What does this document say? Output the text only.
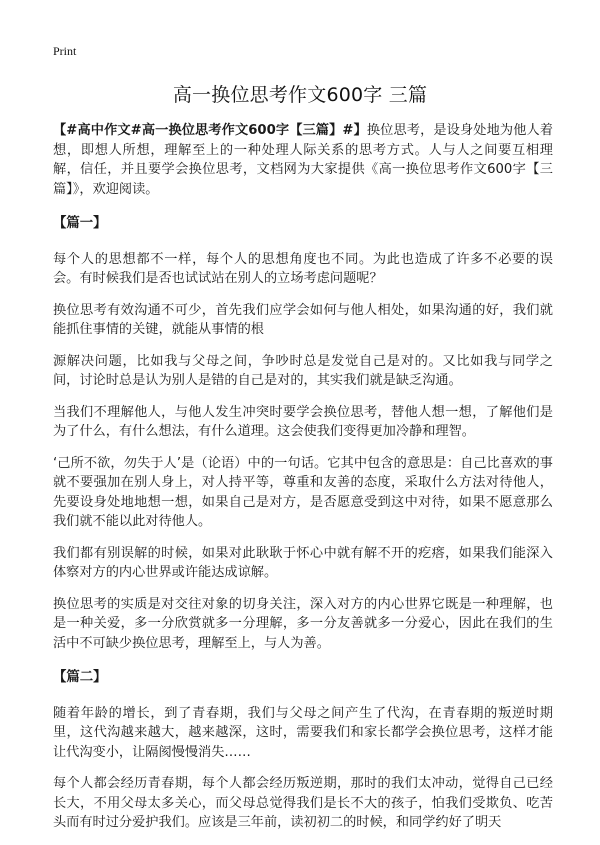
Print
高一换位思考作文600字 三篇

【#高中作文#高一换位思考作文600字【三篇】#】换位思考，是设身处地为他人着想，即想人所想，理解至上的一种处理人际关系的思考方式。人与人之间要互相理解，信任，并且要学会换位思考，文档网为大家提供《高一换位思考作文600字【三篇】》，欢迎阅读。

【篇一】

每个人的思想都不一样，每个人的思想角度也不同。为此也造成了许多不必要的误会。有时候我们是否也试试站在别人的立场考虑问题呢？

换位思考有效沟通不可少，首先我们应学会如何与他人相处，如果沟通的好，我们就能抓住事情的关键，就能从事情的根

源解决问题，比如我与父母之间，争吵时总是发觉自己是对的。又比如我与同学之间，讨论时总是认为别人是错的自己是对的，其实我们就是缺乏沟通。

当我们不理解他人，与他人发生冲突时要学会换位思考，替他人想一想，了解他们是为了什么，有什么想法，有什么道理。这会使我们变得更加冷静和理智。

‘己所不欲，勿失于人’是（论语）中的一句话。它其中包含的意思是：自己比喜欢的事就不要强加在别人身上，对人持平等，尊重和友善的态度，采取什么方法对待他人，先要设身处地地想一想，如果自己是对方，是否愿意受到这中对待，如果不愿意那么我们就不能以此对待他人。

我们都有别误解的时候，如果对此耿耿于怀心中就有解不开的疙瘩，如果我们能深入体察对方的内心世界或许能达成谅解。

换位思考的实质是对交往对象的切身关注，深入对方的内心世界它既是一种理解，也是一种关爱，多一分欣赏就多一分理解，多一分友善就多一分爱心，因此在我们的生活中不可缺少换位思考，理解至上，与人为善。

【篇二】

随着年龄的增长，到了青春期，我们与父母之间产生了代沟，在青春期的叛逆时期里，这代沟越来越大，越来越深，这时，需要我们和家长都学会换位思考，这样才能让代沟变小，让隔阂慢慢消失……

每个人都会经历青春期，每个人都会经历叛逆期，那时的我们太冲动，觉得自己已经长大，不用父母太多关心，而父母总觉得我们是长不大的孩子，怕我们受欺负、吃苦头而有时过分爱护我们。应该是三年前，读初初二的时候，和同学约好了明天
